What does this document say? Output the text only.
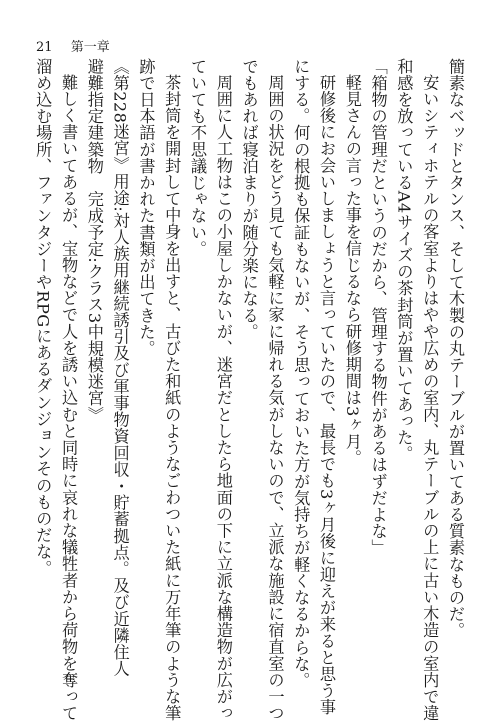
21 第一章
簡素なベッドとタンス、そして木製の丸テーブルが置いてある質素なものだ。
安いシティホテルの客室よりはやや広めの室内、丸テーブルの上に古い木造の室内で違
和感を放っているA4サイズの茶封筒が置いてあった。
「箱物の管理だというのだから、管理する物件があるはずだよな」
軽見さんの言った事を信じるなら研修期間は3ヶ月。
研修後にお会いしましょうと言っていたので、最長でも3ヶ月後に迎えが来ると思う事
にする。何の根拠も保証もないが、そう思っておいた方が気持ちが軽くなるからな。
周囲の状況をどう見ても気軽に家に帰れる気がしないので、立派な施設に宿直室の一つ
でもあれば寝泊まりが随分楽になる。
周囲に人工物はこの小屋しかないが、迷宮だとしたら地面の下に立派な構造物が広がっ
ていても不思議じゃない。
茶封筒を開封して中身を出すと、古びた和紙のようなごわついた紙に万年筆のような筆
跡で日本語が書かれた書類が出てきた。
《第228迷宮》用途:対人族用継続誘引及び軍事物資回収・貯蓄拠点。及び近隣住人
避難指定建築物　完成予定:クラス3中規模迷宮》
難しく書いてあるが、宝物などで人を誘い込むと同時に哀れな犠牲者から荷物を奪って
溜め込む場所、ファンタジーやRPGにあるダンジョンそのものだな。
